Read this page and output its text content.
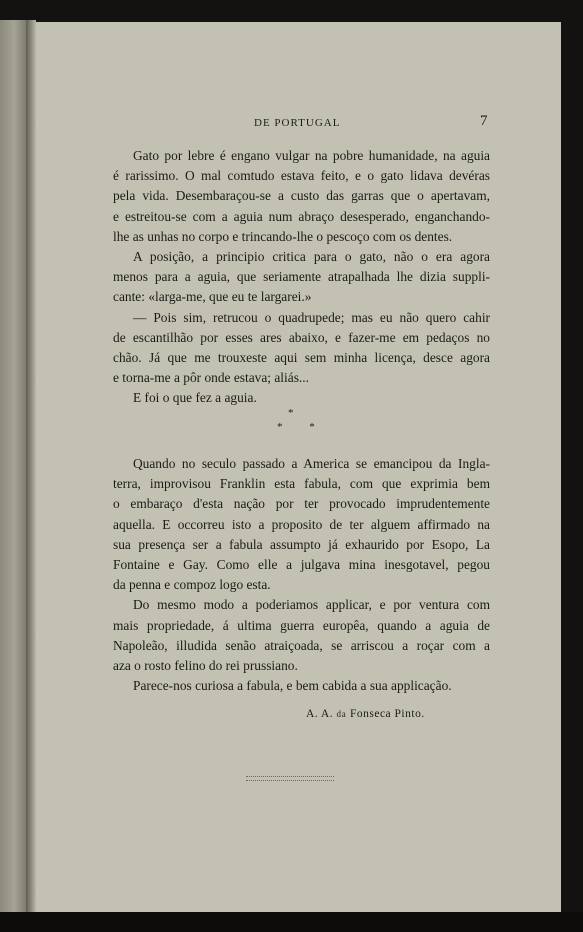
DE PORTUGAL	7
Gato por lebre é engano vulgar na pobre humanidade, na aguia
é rarissimo. O mal comtudo estava feito, e o gato lidava devéras
pela vida. Desembaraçou-se a custo das garras que o apertavam,
e estreitou-se com a aguia num abraço desesperado, enganchando-
lhe as unhas no corpo e trincando-lhe o pescoço com os dentes.
A posição, a principio critica para o gato, não o era agora
menos para a aguia, que seriamente atrapalhada lhe dizia suppli-
cante: «larga-me, que eu te largarei.»
— Pois sim, retrucou o quadrupede; mas eu não quero cahir
de escantilhão por esses ares abaixo, e fazer-me em pedaços no
chão. Já que me trouxeste aqui sem minha licença, desce agora
e torna-me a pôr onde estava; aliás...
E foi o que fez a aguia.
*
* *
Quando no seculo passado a America se emancipou da Ingla-
terra, improvisou Franklin esta fabula, com que exprimia bem
o embaraço d'esta nação por ter provocado imprudentemente
aquella. E occorreu isto a proposito de ter alguem affirmado na
sua presença ser a fabula assumpto já exhaurido por Esopo, La
Fontaine e Gay. Como elle a julgava mina inesgotavel, pegou
da penna e compoz logo esta.
Do mesmo modo a poderiamos applicar, e por ventura com
mais propriedade, á ultima guerra europêa, quando a aguia de
Napoleão, illudida senão atraiçoada, se arriscou a roçar com a
aza o rosto felino do rei prussiano.
Parece-nos curiosa a fabula, e bem cabida a sua applicação.
A. A. da Fonseca Pinto.
